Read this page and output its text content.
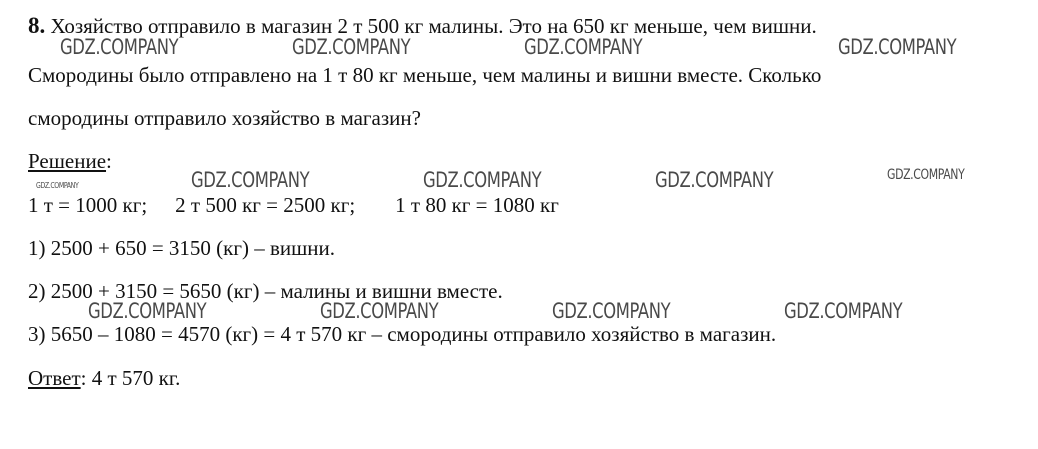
8. Хозяйство отправило в магазин 2 т 500 кг малины. Это на 650 кг меньше, чем вишни.
Смородины было отправлено на 1 т 80 кг меньше, чем малины и вишни вместе. Сколько
смородины отправило хозяйство в магазин?
Решение:
1 т = 1000 кг; 2 т 500 кг = 2500 кг; 1 т 80 кг = 1080 кг
1) 2500 + 650 = 3150 (кг) – вишни.
2) 2500 + 3150 = 5650 (кг) – малины и вишни вместе.
3) 5650 – 1080 = 4570 (кг) = 4 т 570 кг – смородины отправило хозяйство в магазин.
Ответ: 4 т 570 кг.
GDZ.COMPANY	GDZ.COMPANY	GDZ.COMPANY	GDZ.COMPANY
GDZ.COMPANY	GDZ.COMPANY	GDZ.COMPANY	GDZ.COMPANY	GDZ.COMPANY
GDZ.COMPANY	GDZ.COMPANY	GDZ.COMPANY	GDZ.COMPANY
